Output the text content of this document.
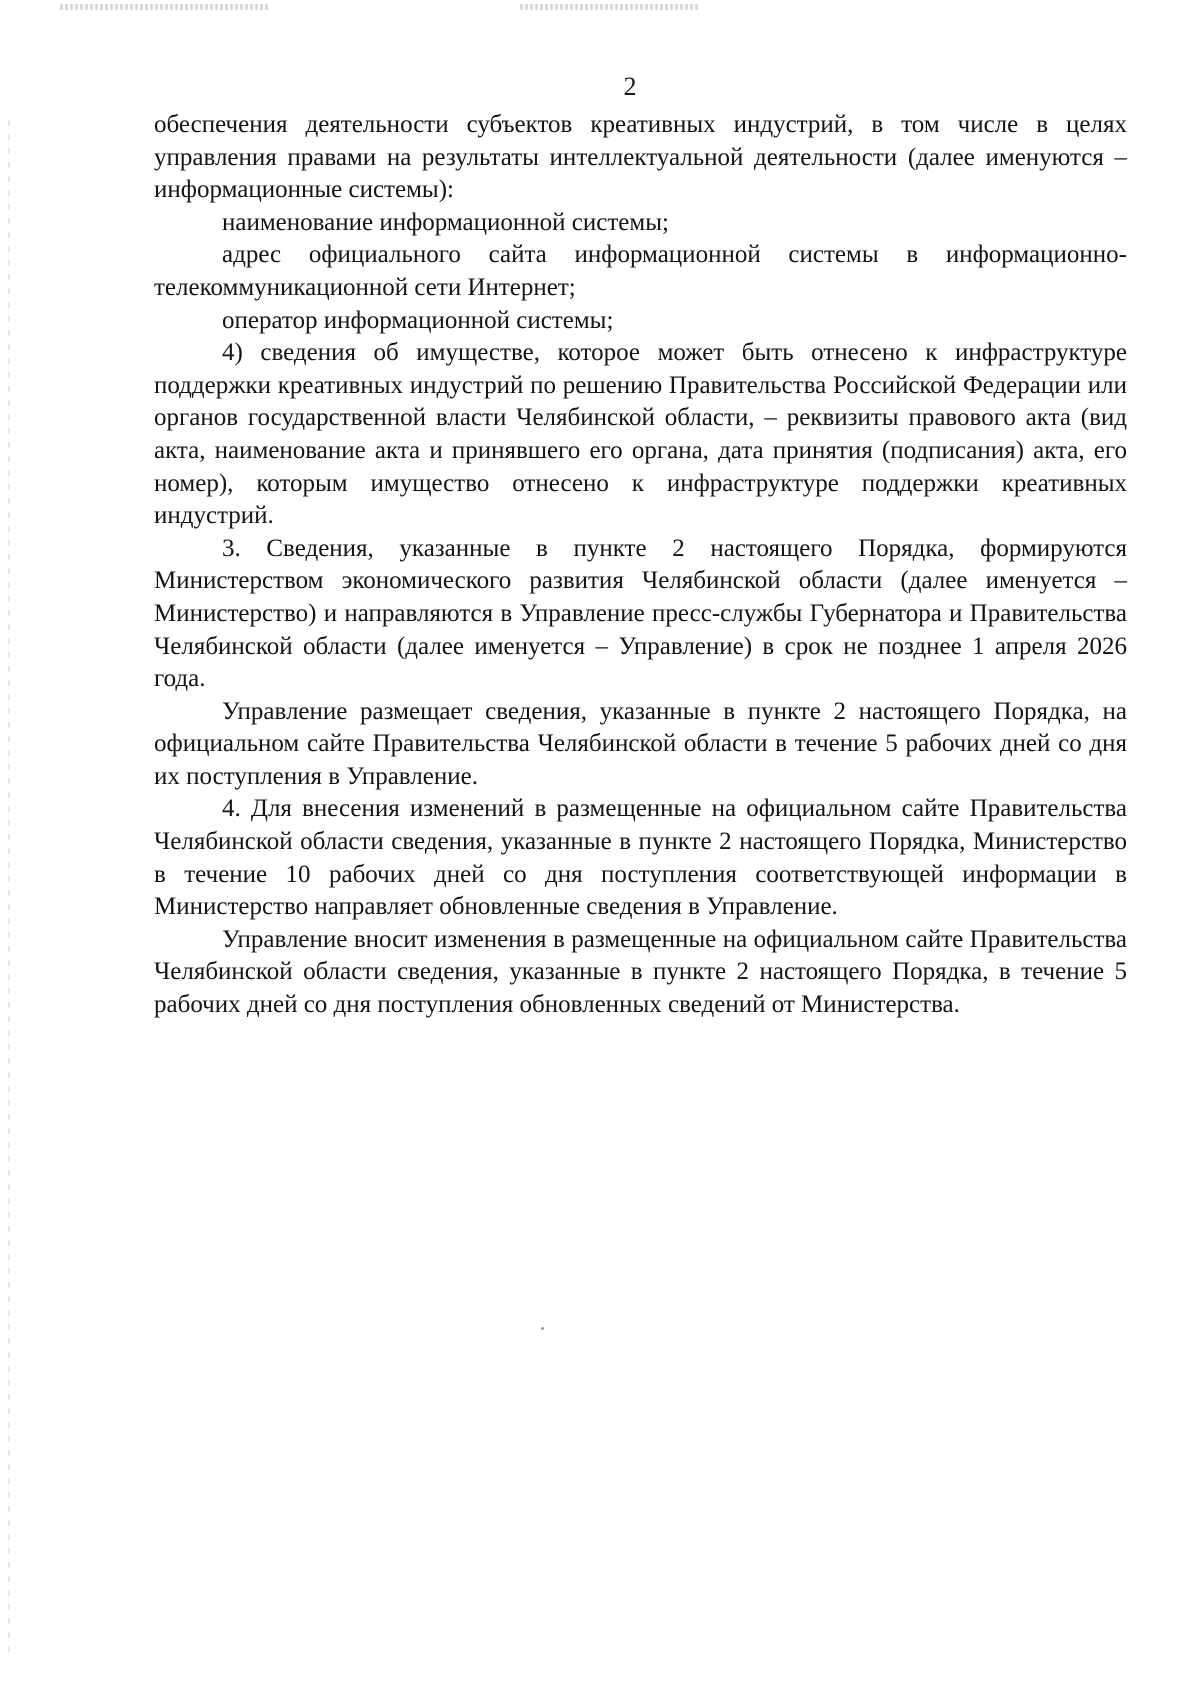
2

обеспечения деятельности субъектов креативных индустрий, в том числе в целях управления правами на результаты интеллектуальной деятельности (далее именуются – информационные системы):

наименование информационной системы;

адрес официального сайта информационной системы в информационно-телекоммуникационной сети Интернет;

оператор информационной системы;

4) сведения об имуществе, которое может быть отнесено к инфраструктуре поддержки креативных индустрий по решению Правительства Российской Федерации или органов государственной власти Челябинской области, – реквизиты правового акта (вид акта, наименование акта и принявшего его органа, дата принятия (подписания) акта, его номер), которым имущество отнесено к инфраструктуре поддержки креативных индустрий.

3. Сведения, указанные в пункте 2 настоящего Порядка, формируются Министерством экономического развития Челябинской области (далее именуется – Министерство) и направляются в Управление пресс-службы Губернатора и Правительства Челябинской области (далее именуется – Управление) в срок не позднее 1 апреля 2026 года.

Управление размещает сведения, указанные в пункте 2 настоящего Порядка, на официальном сайте Правительства Челябинской области в течение 5 рабочих дней со дня их поступления в Управление.

4. Для внесения изменений в размещенные на официальном сайте Правительства Челябинской области сведения, указанные в пункте 2 настоящего Порядка, Министерство в течение 10 рабочих дней со дня поступления соответствующей информации в Министерство направляет обновленные сведения в Управление.

Управление вносит изменения в размещенные на официальном сайте Правительства Челябинской области сведения, указанные в пункте 2 настоящего Порядка, в течение 5 рабочих дней со дня поступления обновленных сведений от Министерства.
